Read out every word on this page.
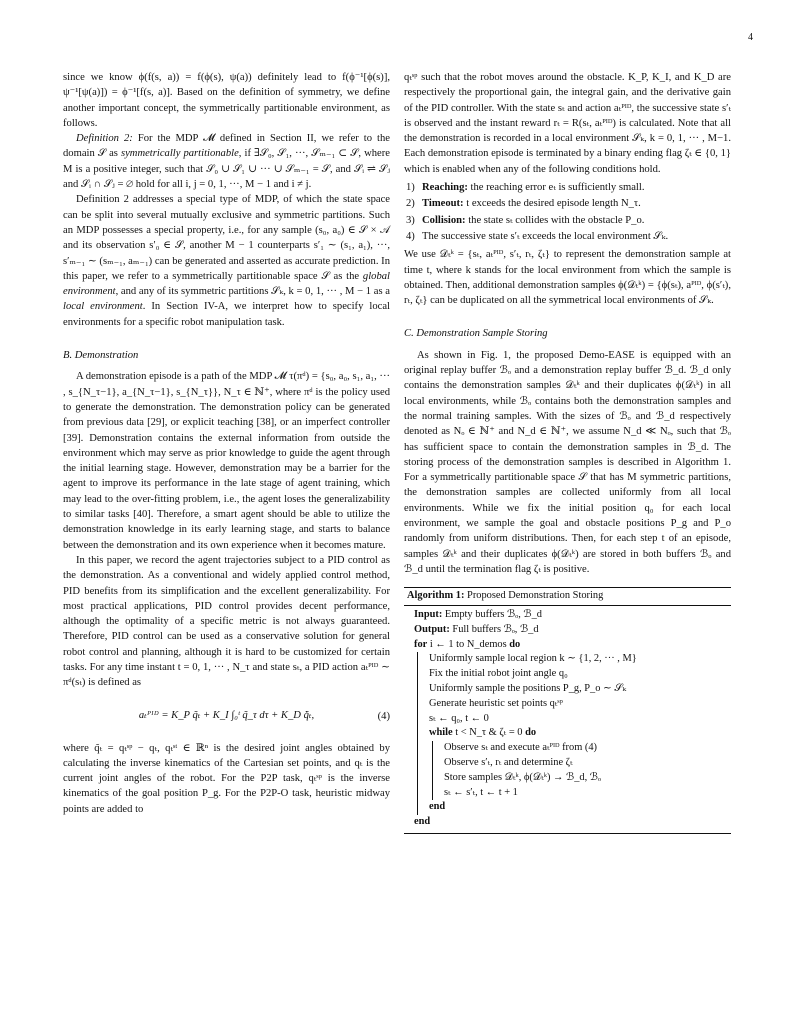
4

since we know ϕ(f(s, a)) = f(ϕ(s), ψ(a)) definitely lead to f(ϕ⁻¹[ϕ(s)], ψ⁻¹[ψ(a)]) = ϕ⁻¹[f(s, a)]. Based on the definition of symmetry, we define another important concept, the symmetrically partitionable environment, as follows.

Definition 2: For the MDP 𝓜 defined in Section II, we refer to the domain 𝒮 as symmetrically partitionable, if ∃𝒮₀, 𝒮₁, ···, 𝒮ₘ₋₁ ⊂ 𝒮, where M is a positive integer, such that 𝒮₀ ∪ 𝒮₁ ∪ ··· ∪ 𝒮ₘ₋₁ = 𝒮, and 𝒮ᵢ ⇌ 𝒮ⱼ and 𝒮ᵢ ∩ 𝒮ⱼ = ∅ hold for all i, j = 0, 1, ···, M − 1 and i ≠ j.

Definition 2 addresses a special type of MDP, of which the state space can be split into several mutually exclusive and symmetric partitions. Such an MDP possesses a special property, i.e., for any sample (s₀, a₀) ∈ 𝒮 × 𝒜 and its observation s′₀ ∈ 𝒮, another M − 1 counterparts s′₁ ∼ (s₁, a₁), ···, s′ₘ₋₁ ∼ (sₘ₋₁, aₘ₋₁) can be generated and asserted as accurate prediction. In this paper, we refer to a symmetrically partitionable space 𝒮 as the global environment, and any of its symmetric partitions 𝒮ₖ, k = 0, 1, ··· , M − 1 as a local environment. In Section IV-A, we interpret how to specify local environments for a specific robot manipulation task.

B. Demonstration

A demonstration episode is a path of the MDP 𝓜 τ(πᵈ) = {s₀, a₀, s₁, a₁, ··· , s_{N_τ−1}, a_{N_τ−1}, s_{N_τ}}, N_τ ∈ ℕ⁺, where πᵈ is the policy used to generate the demonstration. The demonstration policy can be generated from previous data [29], or explicit teaching [38], or an imperfect controller [39]. Demonstration contains the external information from outside the environment which may serve as prior knowledge to guide the agent through the initial learning stage. However, demonstration may be a barrier for the agent to improve its performance in the late stage of agent training, which may lead to the over-fitting problem, i.e., the agent loses the generalizability to similar tasks [40]. Therefore, a smart agent should be able to utilize the demonstration knowledge in its early learning stage, and starts to balance between the demonstration and its own experience when it becomes mature.

In this paper, we record the agent trajectories subject to a PID control as the demonstration. As a conventional and widely applied control method, PID benefits from its simplification and the excellent generalizability. For most practical applications, PID control provides decent performance, although the optimality of a specific metric is not always guaranteed. Therefore, PID control can be used as a conservative solution for general robot control and planning, although it is hard to be customized for certain tasks. For any time instant t = 0, 1, ··· , N_τ and state sₜ, a PID action aₜᴾᴵᴰ ∼ πᵈ(sₜ) is defined as

aₜᴾᴵᴰ = K_P q̃ₜ + K_I ∫₀ᵗ q̃_τ dτ + K_D q̃̇ₜ,	(4)

where q̃ₜ = qₜˢᵖ − qₜ, qₜˢᵗ ∈ ℝⁿ is the desired joint angles obtained by calculating the inverse kinematics of the Cartesian set points, and qₜ is the current joint angles of the robot. For the P2P task, qₜˢᵖ is the inverse kinematics of the goal position P_g. For the P2P-O task, heuristic midway points are added to

qₜˢᵖ such that the robot moves around the obstacle. K_P, K_I, and K_D are respectively the proportional gain, the integral gain, and the derivative gain of the PID controller. With the state sₜ and action aₜᴾᴵᴰ, the successive state s′ₜ is observed and the instant reward rₜ = R(sₜ, aₜᴾᴵᴰ) is calculated. Note that all the demonstration is recorded in a local environment 𝒮ₖ, k = 0, 1, ··· , M−1. Each demonstration episode is terminated by a binary ending flag ζₜ ∈ {0, 1} which is enabled when any of the following conditions hold.

1) Reaching: the reaching error eₜ is sufficiently small.
2) Timeout: t exceeds the desired episode length N_τ.
3) Collision: the state sₜ collides with the obstacle P_o.
4) The successive state s′ₜ exceeds the local environment 𝒮ₖ.

We use 𝒟ₜᵏ = {sₜ, aₜᴾᴵᴰ, s′ₜ, rₜ, ζₜ} to represent the demonstration sample at time t, where k stands for the local environment from which the sample is obtained. Then, additional demonstration samples ϕ(𝒟ₜᵏ) = {ϕ(sₜ), aᴾᴵᴰ, ϕ(s′ₜ), rₜ, ζₜ} can be duplicated on all the symmetrical local environments of 𝒮ₖ.

C. Demonstration Sample Storing

As shown in Fig. 1, the proposed Demo-EASE is equipped with an original replay buffer ℬₒ and a demonstration replay buffer ℬ_d. ℬ_d only contains the demonstration samples 𝒟ₜᵏ and their duplicates ϕ(𝒟ₜᵏ) in all local environments, while ℬₒ contains both the demonstration samples and the normal training samples. With the sizes of ℬₒ and ℬ_d respectively denoted as Nₒ ∈ ℕ⁺ and N_d ∈ ℕ⁺, we assume N_d ≪ Nₒ, such that ℬₒ has sufficient space to contain the demonstration samples in ℬ_d. The storing process of the demonstration samples is described in Algorithm 1. For a symmetrically partitionable space 𝒮 that has M symmetric partitions, the demonstration samples are collected uniformly from all local environments. While we fix the initial position q₀ for each local environment, we sample the goal and obstacle positions P_g and P_o randomly from uniform distributions. Then, for each step t of an episode, samples 𝒟ₜᵏ and their duplicates ϕ(𝒟ₜᵏ) are stored in both buffers ℬₒ and ℬ_d until the termination flag ζₜ is positive.

Algorithm 1: Proposed Demonstration Storing
Input: Empty buffers ℬₒ, ℬ_d
Output: Full buffers ℬₒ, ℬ_d
for i ← 1 to N_demos do
Uniformly sample local region k ∼ {1, 2, ··· , M}
Fix the initial robot joint angle q₀
Uniformly sample the positions P_g, P_o ∼ 𝒮ₖ
Generate heuristic set points qₜˢᵖ
sₜ ← q₀, t ← 0
while t < N_τ & ζₜ = 0 do
Observe sₜ and execute aₜᴾᴵᴰ from (4)
Observe s′ₜ, rₜ and determine ζₜ
Store samples 𝒟ₜᵏ, ϕ(𝒟ₜᵏ) → ℬ_d, ℬₒ
sₜ ← s′ₜ, t ← t + 1
end
end
